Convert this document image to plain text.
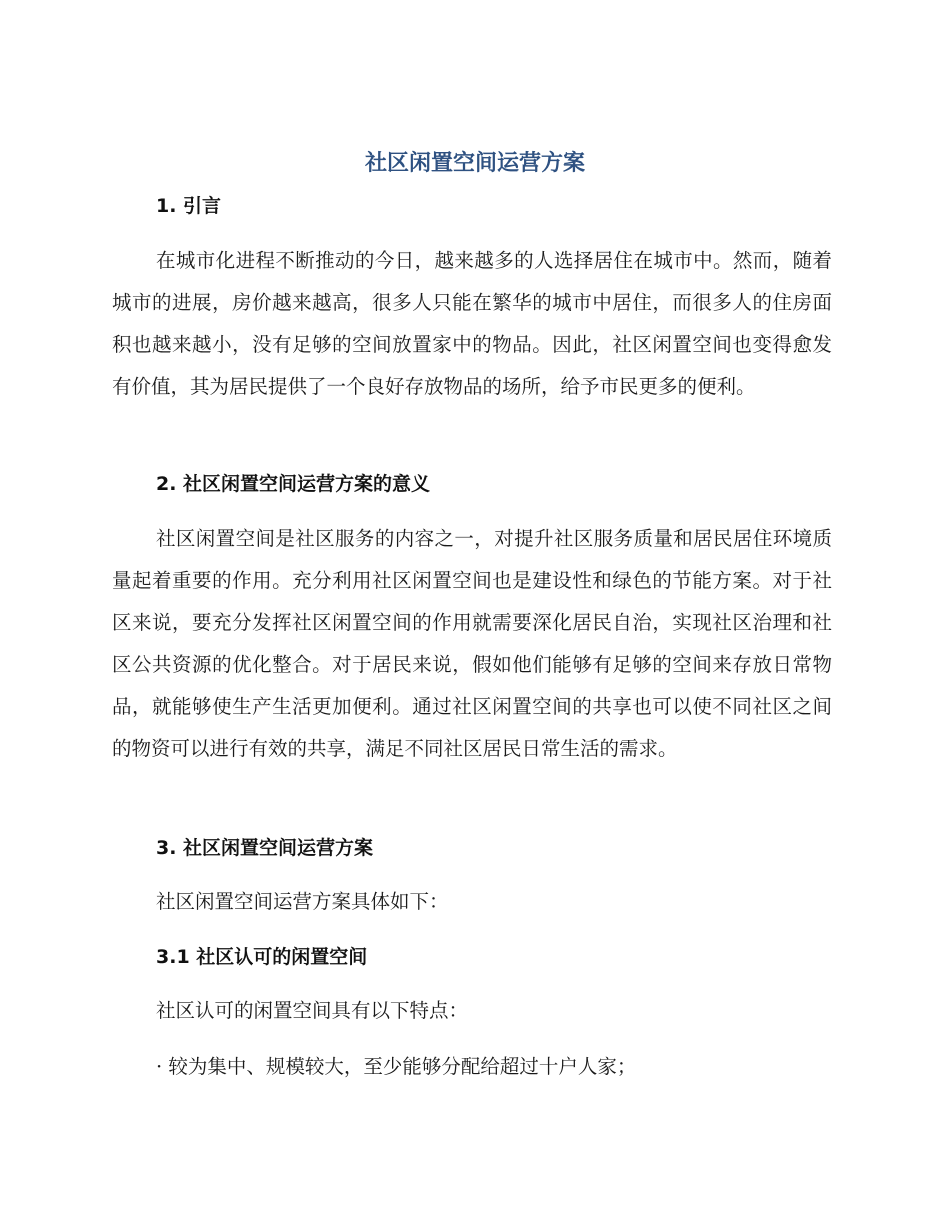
社区闲置空间运营方案
1. 引言

在城市化进程不断推动的今日，越来越多的人选择居住在城市中。然而，随着城市的进展，房价越来越高，很多人只能在繁华的城市中居住，而很多人的住房面积也越来越小，没有足够的空间放置家中的物品。因此，社区闲置空间也变得愈发有价值，其为居民提供了一个良好存放物品的场所，给予市民更多的便利。

2. 社区闲置空间运营方案的意义

社区闲置空间是社区服务的内容之一，对提升社区服务质量和居民居住环境质量起着重要的作用。充分利用社区闲置空间也是建设性和绿色的节能方案。对于社区来说，要充分发挥社区闲置空间的作用就需要深化居民自治，实现社区治理和社区公共资源的优化整合。对于居民来说，假如他们能够有足够的空间来存放日常物品，就能够使生产生活更加便利。通过社区闲置空间的共享也可以使不同社区之间的物资可以进行有效的共享，满足不同社区居民日常生活的需求。

3. 社区闲置空间运营方案

社区闲置空间运营方案具体如下：

3.1 社区认可的闲置空间

社区认可的闲置空间具有以下特点：

· 较为集中、规模较大，至少能够分配给超过十户人家；
